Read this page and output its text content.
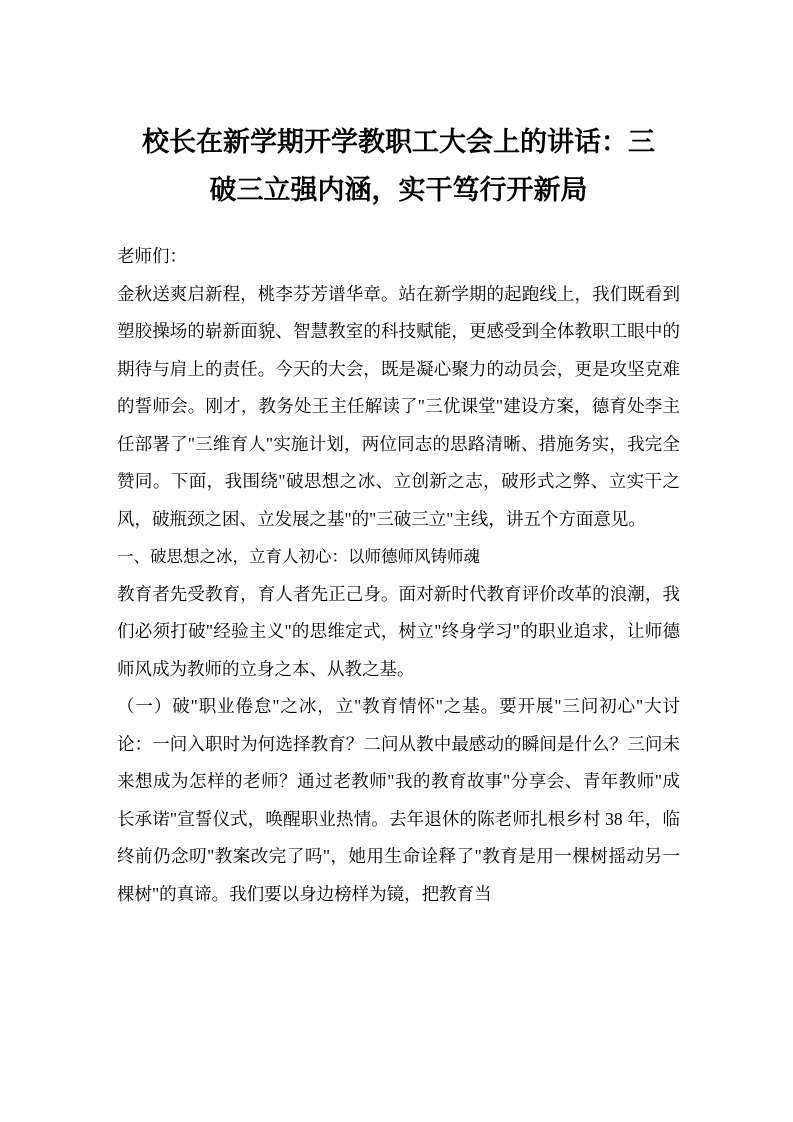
校长在新学期开学教职工大会上的讲话：三
破三立强内涵，实干笃行开新局

老师们：

金秋送爽启新程，桃李芬芳谱华章。站在新学期的起跑线上，我们既看到塑胶操场的崭新面貌、智慧教室的科技赋能，更感受到全体教职工眼中的期待与肩上的责任。今天的大会，既是凝心聚力的动员会，更是攻坚克难的誓师会。刚才，教务处王主任解读了"三优课堂"建设方案，德育处李主任部署了"三维育人"实施计划，两位同志的思路清晰、措施务实，我完全赞同。下面，我围绕"破思想之冰、立创新之志，破形式之弊、立实干之风，破瓶颈之困、立发展之基"的"三破三立"主线，讲五个方面意见。

一、破思想之冰，立育人初心：以师德师风铸师魂

教育者先受教育，育人者先正己身。面对新时代教育评价改革的浪潮，我们必须打破"经验主义"的思维定式，树立"终身学习"的职业追求，让师德师风成为教师的立身之本、从教之基。

（一）破"职业倦怠"之冰，立"教育情怀"之基。要开展"三问初心"大讨论：一问入职时为何选择教育？二问从教中最感动的瞬间是什么？三问未来想成为怎样的老师？通过老教师"我的教育故事"分享会、青年教师"成长承诺"宣誓仪式，唤醒职业热情。去年退休的陈老师扎根乡村 38 年，临终前仍念叨"教案改完了吗"，她用生命诠释了"教育是用一棵树摇动另一棵树"的真谛。我们要以身边榜样为镜，把教育当
